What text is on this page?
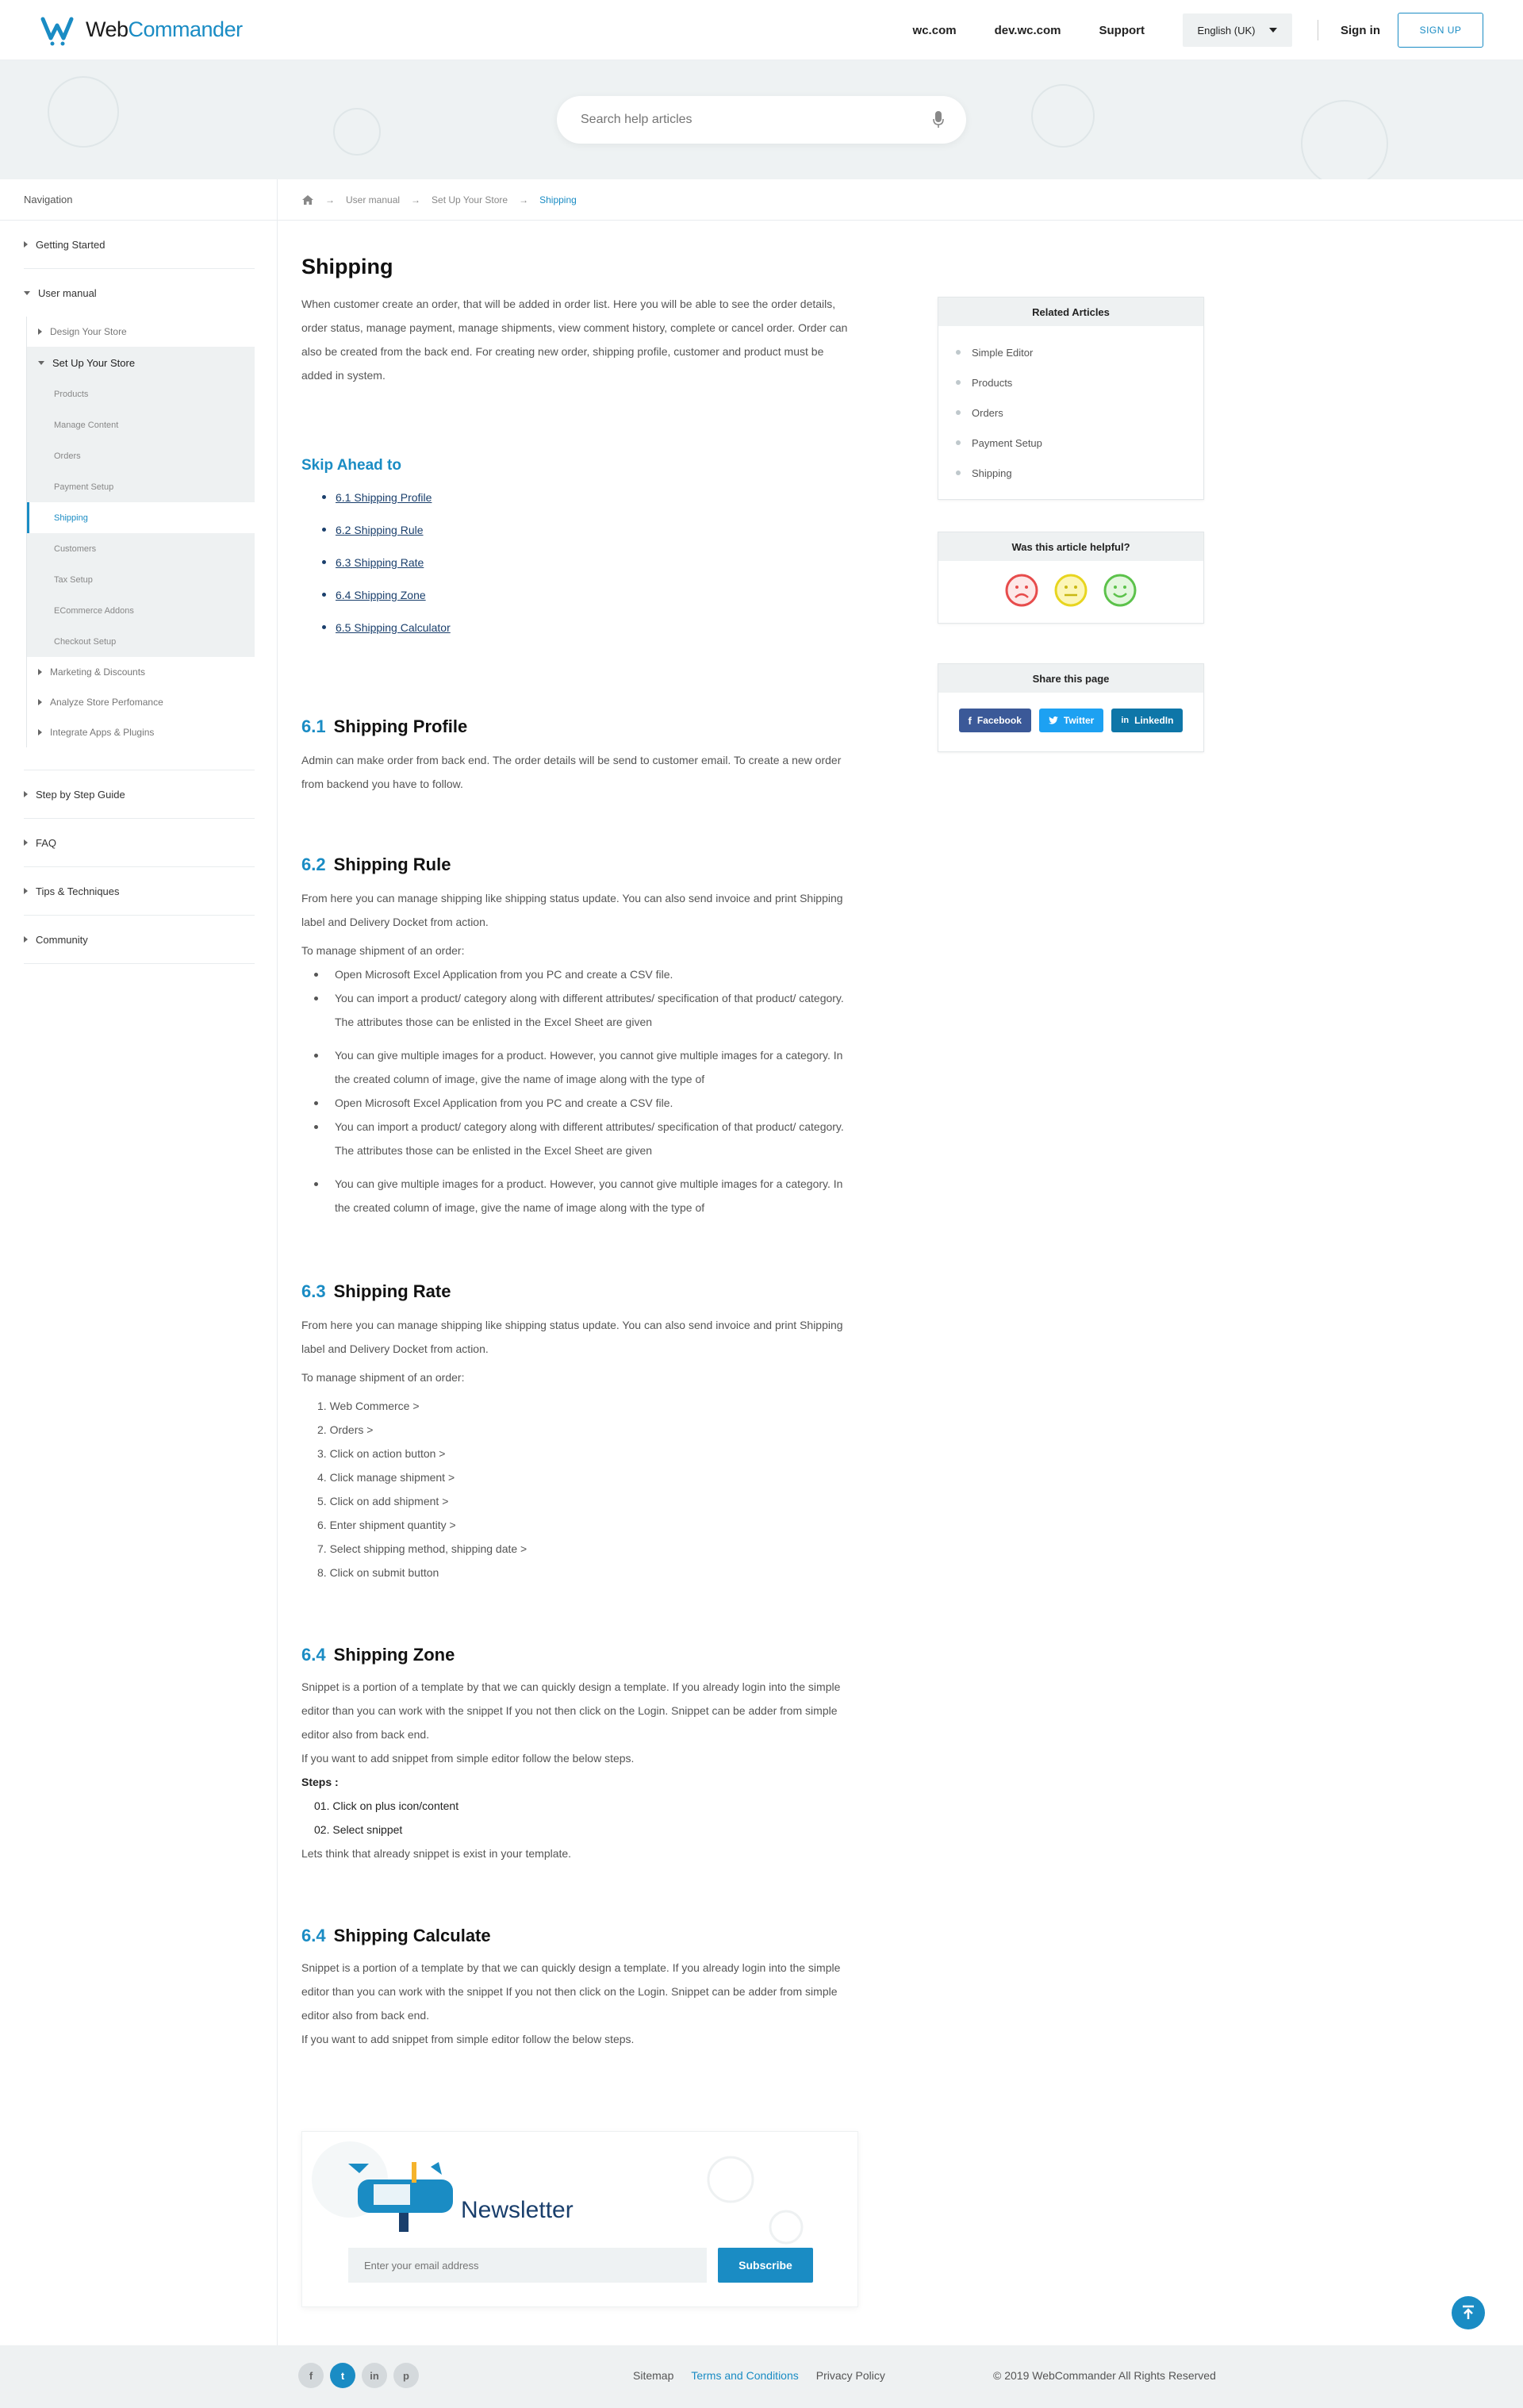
WebCommander	wc.com	dev.wc.com	Support	English (UK)	Sign in	SIGN UP
Search help articles
Navigation
Getting Started
User manual
Design Your Store
Set Up Your Store
Products
Manage Content
Orders
Payment Setup
Shipping
Customers
Tax Setup
ECommerce Addons
Checkout Setup
Marketing & Discounts
Analyze Store Perfomance
Integrate Apps & Plugins
Step by Step Guide
FAQ
Tips & Techniques
Community
→ User manual → Set Up Your Store → Shipping
Shipping

When customer create an order, that will be added in order list. Here you will be able to see the order details, order status, manage payment, manage shipments, view comment history, complete or cancel order. Order can also be created from the back end. For creating new order, shipping profile, customer and product must be added in system.

Skip Ahead to
6.1 Shipping Profile
6.2 Shipping Rule
6.3 Shipping Rate
6.4 Shipping Zone
6.5 Shipping Calculator
6.1 Shipping Profile

Admin can make order from back end. The order details will be send to customer email. To create a new order from backend you have to follow.

6.2 Shipping Rule

From here you can manage shipping like shipping status update. You can also send invoice and print Shipping label and Delivery Docket from action.

To manage shipment of an order:

Open Microsoft Excel Application from you PC and create a CSV file.
You can import a product/ category along with different attributes/ specification of that product/ category. The attributes those can be enlisted in the Excel Sheet are given
You can give multiple images for a product. However, you cannot give multiple images for a category. In the created column of image, give the name of image along with the type of
Open Microsoft Excel Application from you PC and create a CSV file.
You can import a product/ category along with different attributes/ specification of that product/ category. The attributes those can be enlisted in the Excel Sheet are given
You can give multiple images for a product. However, you cannot give multiple images for a category. In the created column of image, give the name of image along with the type of
6.3 Shipping Rate

From here you can manage shipping like shipping status update. You can also send invoice and print Shipping label and Delivery Docket from action.

To manage shipment of an order:

1. Web Commerce >
2. Orders >
3. Click on action button >
4. Click manage shipment >
5. Click on add shipment >
6. Enter shipment quantity >
7. Select shipping method, shipping date >
8. Click on submit button
6.4 Shipping Zone

Snippet is a portion of a template by that we can quickly design a template. If you already login into the simple editor than you can work with the snippet If you not then click on the Login. Snippet can be adder from simple editor also from back end.

If you want to add snippet from simple editor follow the below steps.

Steps :

01. Click on plus icon/content
02. Select snippet

Lets think that already snippet is exist in your template.

6.4 Shipping Calculate

Snippet is a portion of a template by that we can quickly design a template. If you already login into the simple editor than you can work with the snippet If you not then click on the Login. Snippet can be adder from simple editor also from back end.

If you want to add snippet from simple editor follow the below steps.

Related Articles
Simple Editor
Products
Orders
Payment Setup
Shipping
Was this article helpful?
Share this page
f Facebook	Twitter	in LinkedIn
Newsletter
Enter your email address
Subscribe
f	t	in	p	Sitemap Terms and Conditions Privacy Policy	© 2019 WebCommander All Rights Reserved
